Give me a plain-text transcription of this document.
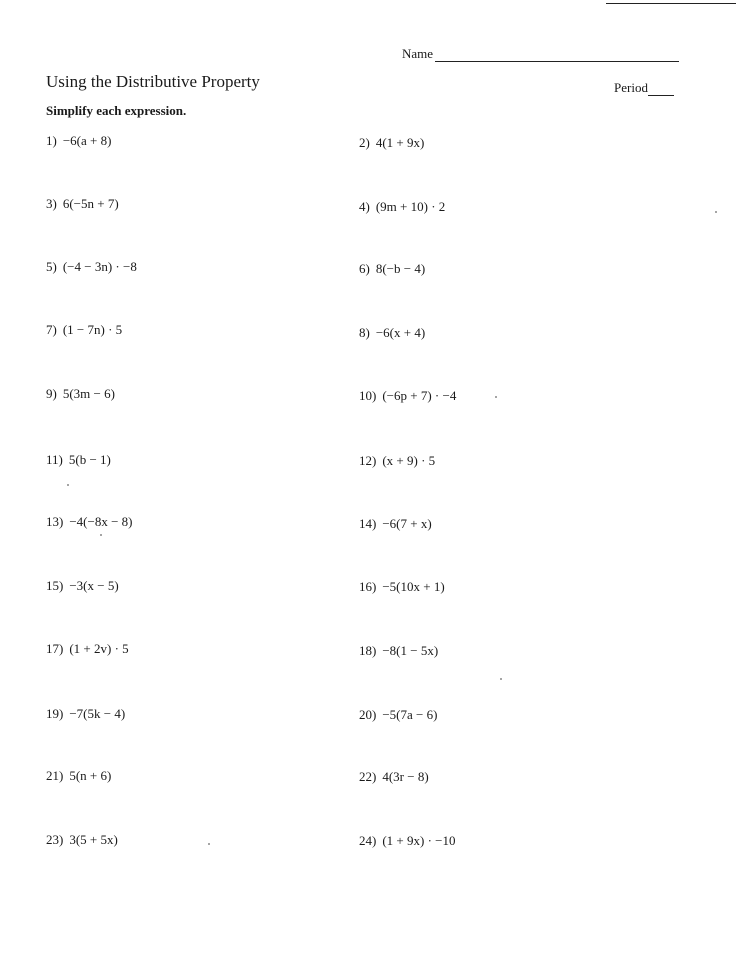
Name
Using the Distributive Property	Period
Simplify each expression.
1) −6(a + 8)
3) 6(−5n + 7)
5) (−4 − 3n) · −8
7) (1 − 7n) · 5
9) 5(3m − 6)
11) 5(b − 1)
13) −4(−8x − 8)
15) −3(x − 5)
17) (1 + 2v) · 5
19) −7(5k − 4)
21) 5(n + 6)
23) 3(5 + 5x)
2) 4(1 + 9x)
4) (9m + 10) · 2
6) 8(−b − 4)
8) −6(x + 4)
10) (−6p + 7) · −4
12) (x + 9) · 5
14) −6(7 + x)
16) −5(10x + 1)
18) −8(1 − 5x)
20) −5(7a − 6)
22) 4(3r − 8)
24) (1 + 9x) · −10
